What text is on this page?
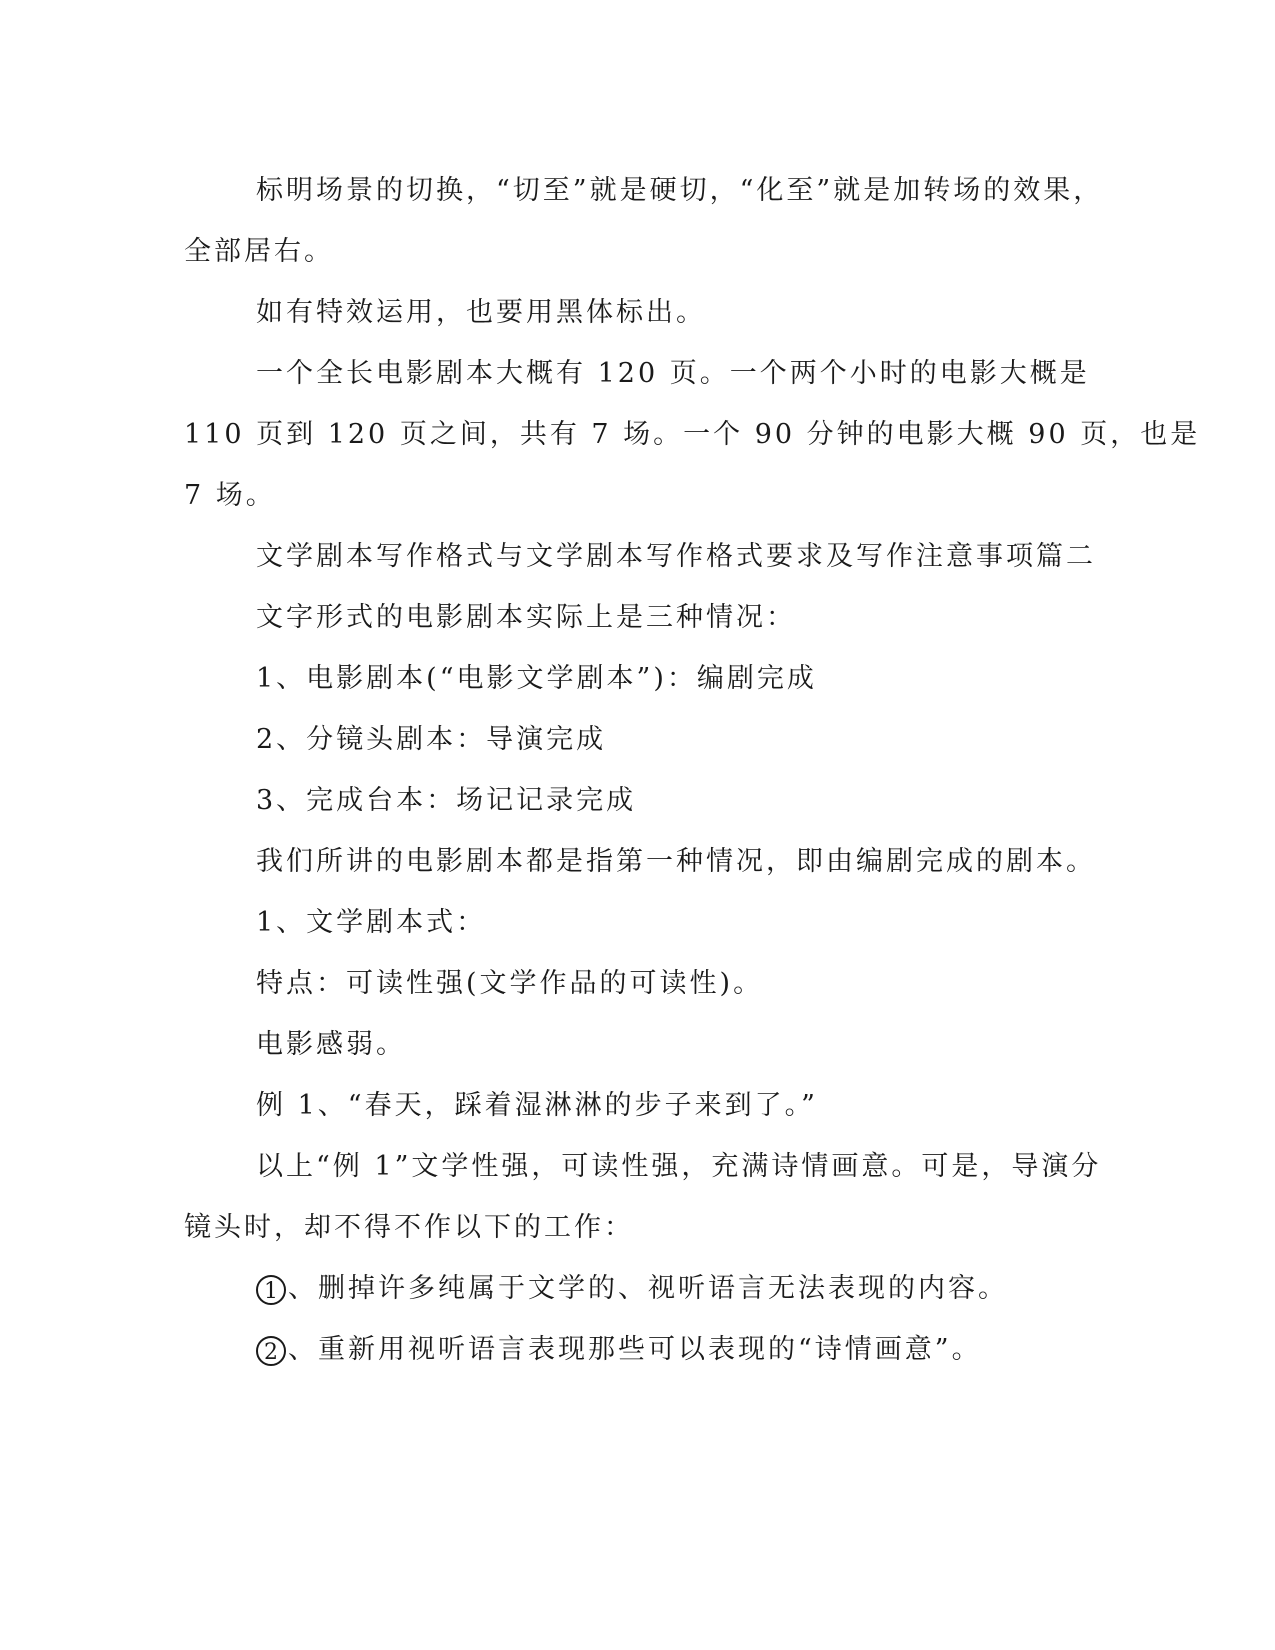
标明场景的切换，“切至”就是硬切，“化至”就是加转场的效果，

全部居右。

如有特效运用，也要用黑体标出。

一个全长电影剧本大概有 120 页。一个两个小时的电影大概是

110 页到 120 页之间，共有 7 场。一个 90 分钟的电影大概 90 页，也是

7 场。

文学剧本写作格式与文学剧本写作格式要求及写作注意事项篇二

文字形式的电影剧本实际上是三种情况：

1、电影剧本(“电影文学剧本”)：编剧完成

2、分镜头剧本：导演完成

3、完成台本：场记记录完成

我们所讲的电影剧本都是指第一种情况，即由编剧完成的剧本。

1、文学剧本式：

特点：可读性强(文学作品的可读性)。

电影感弱。

例 1、“春天，踩着湿淋淋的步子来到了。”

以上“例 1”文学性强，可读性强，充满诗情画意。可是，导演分

镜头时，却不得不作以下的工作：

1 、删掉许多纯属于文学的、视听语言无法表现的内容。

2 、重新用视听语言表现那些可以表现的“诗情画意”。
